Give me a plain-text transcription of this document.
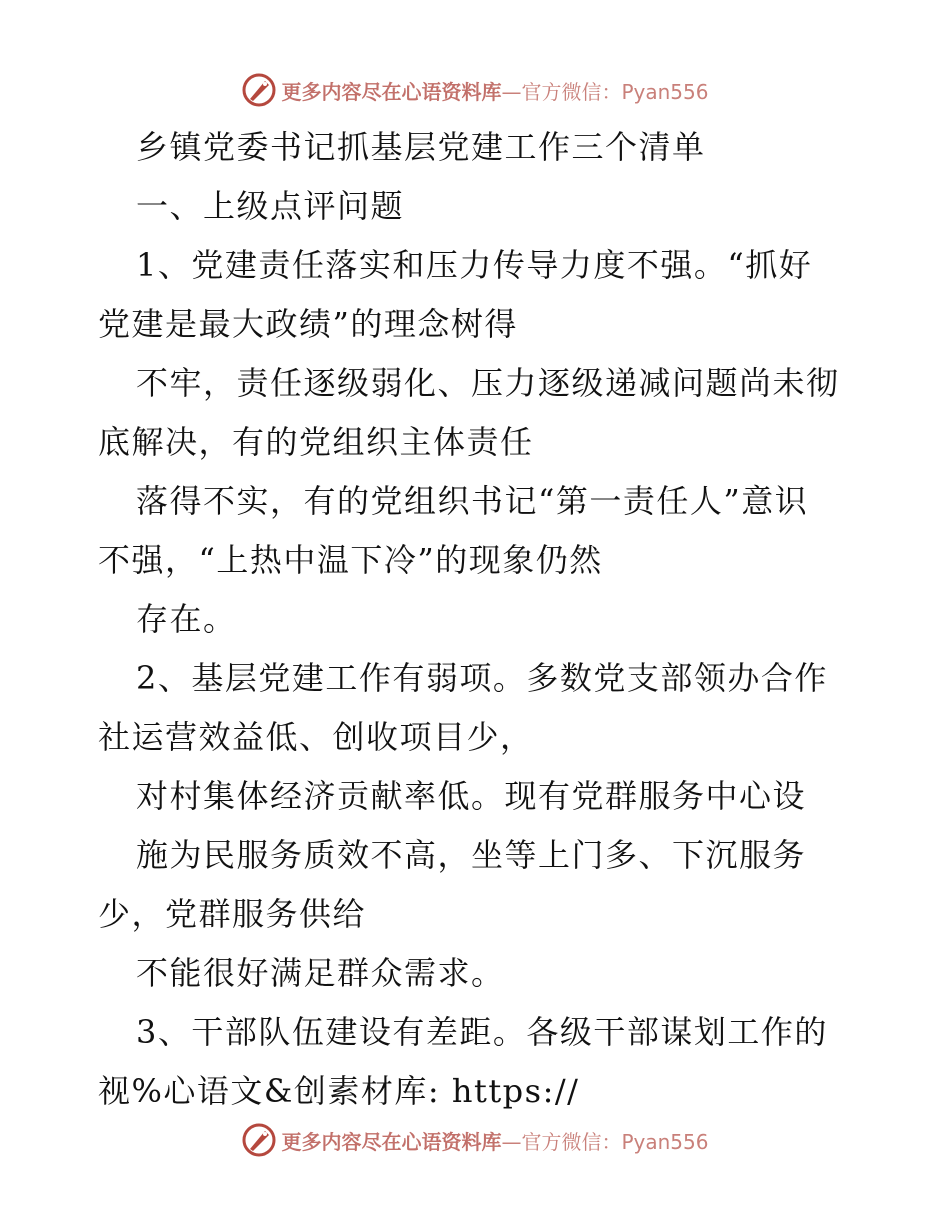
更多内容尽在心语资料库—官方微信：Pyan556
乡镇党委书记抓基层党建工作三个清单
一、上级点评问题
1、党建责任落实和压力传导力度不强。“抓好
党建是最大政绩”的理念树得
不牢，责任逐级弱化、压力逐级递减问题尚未彻
底解决，有的党组织主体责任
落得不实，有的党组织书记“第一责任人”意识
不强，“上热中温下冷”的现象仍然
存在。
2、基层党建工作有弱项。多数党支部领办合作
社运营效益低、创收项目少，
对村集体经济贡献率低。现有党群服务中心设
施为民服务质效不高，坐等上门多、下沉服务
少，党群服务供给
不能很好满足群众需求。
3、干部队伍建设有差距。各级干部谋划工作的
视%心语文&创素材库: https://
更多内容尽在心语资料库—官方微信：Pyan556
